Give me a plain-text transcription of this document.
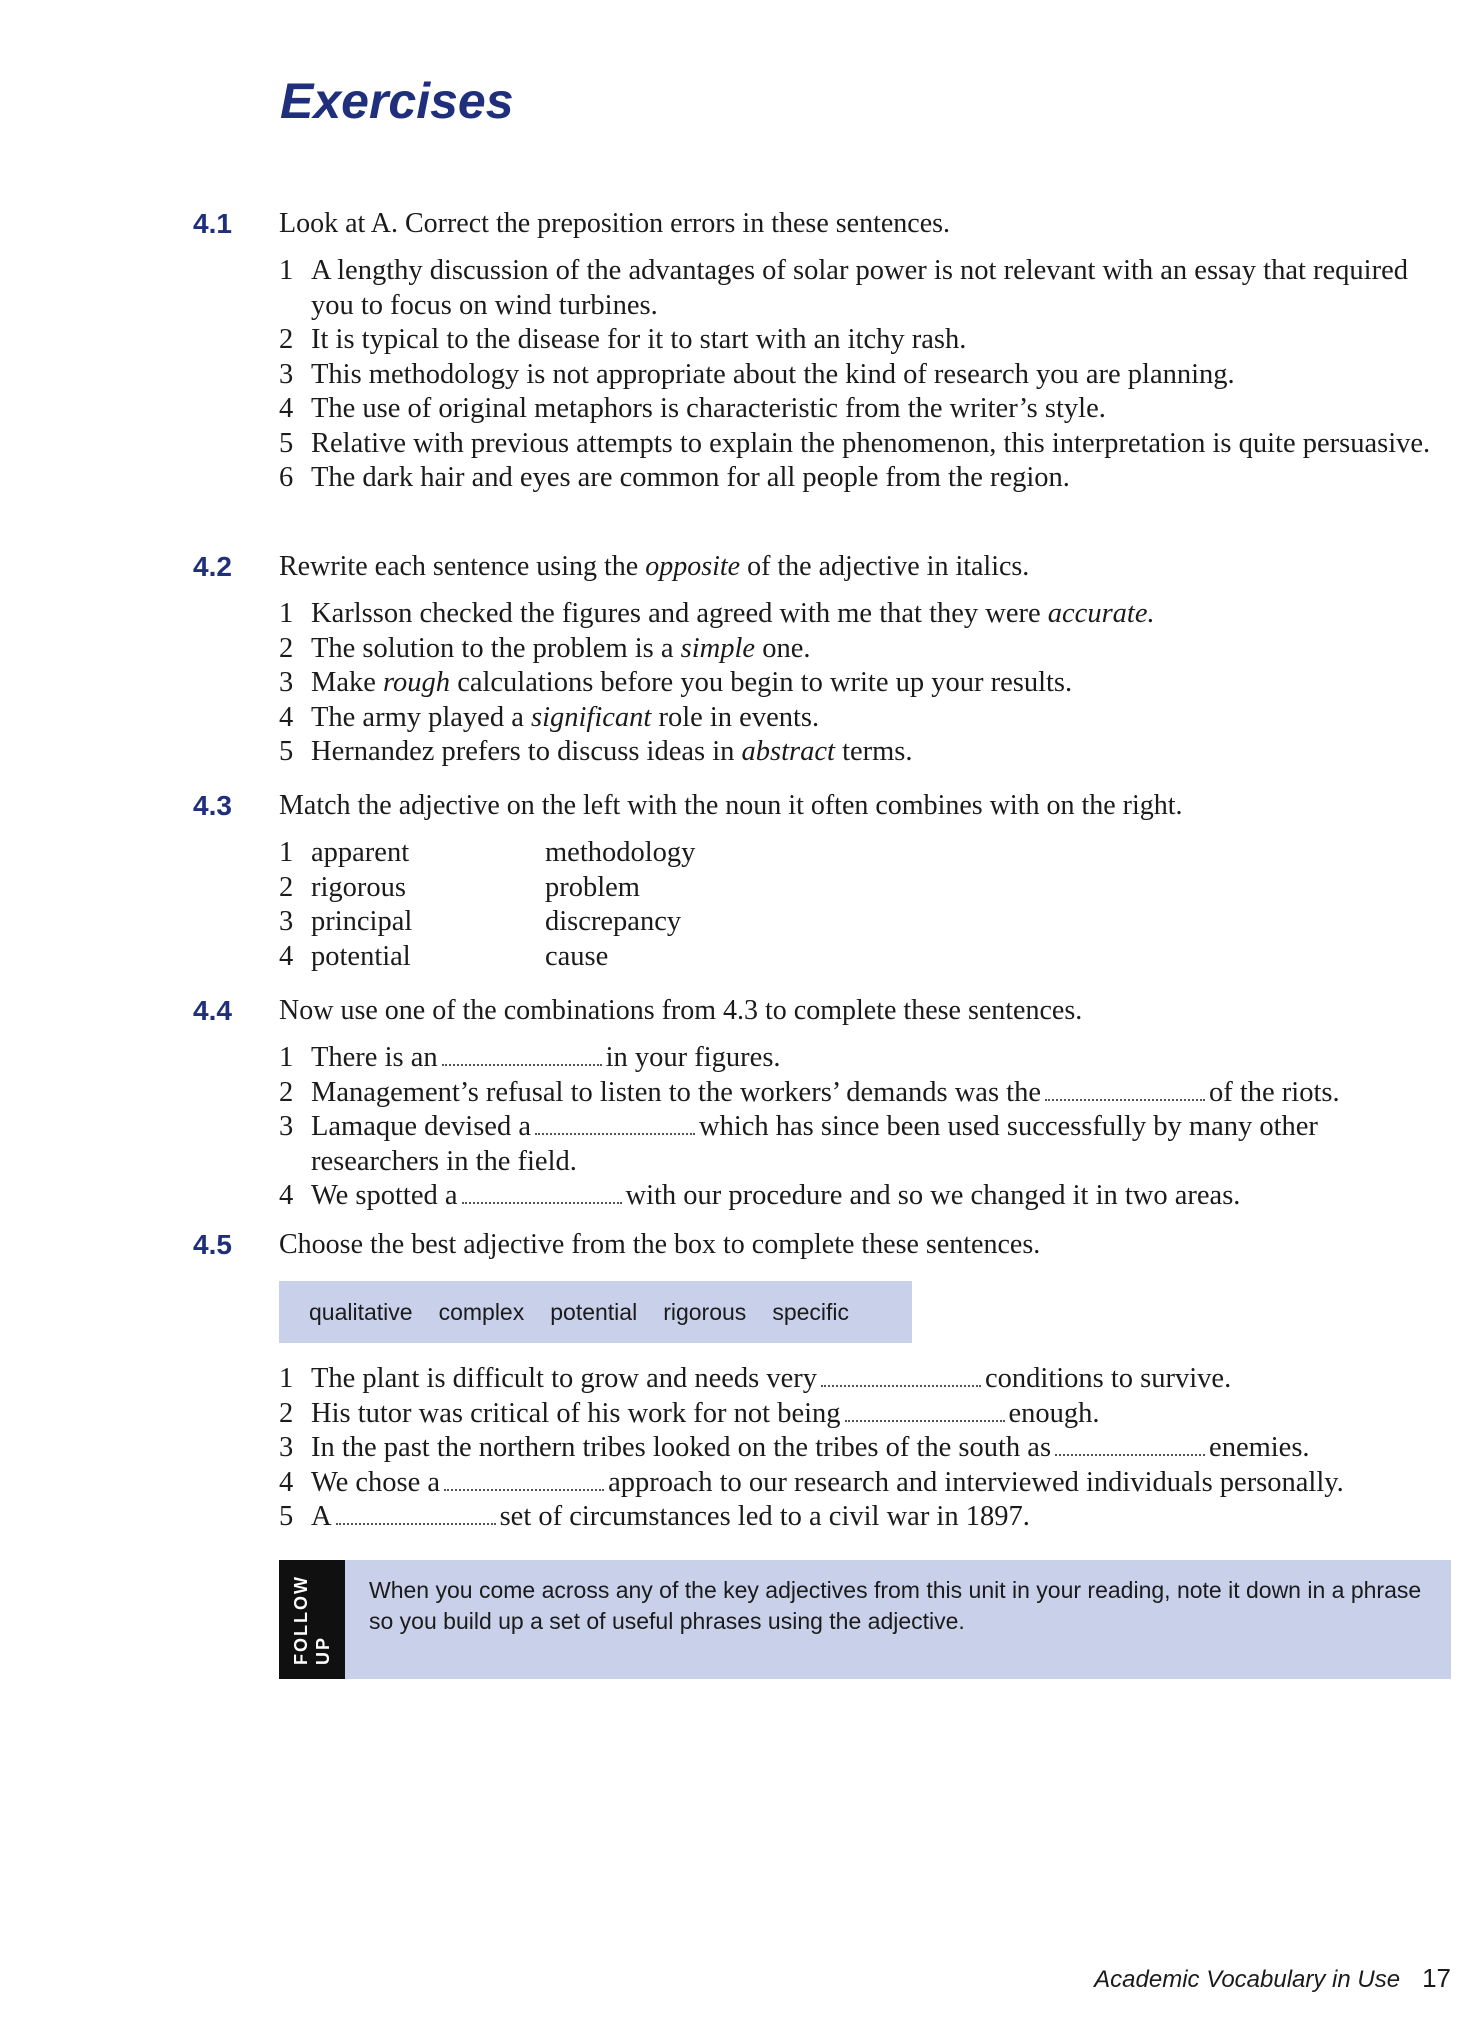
Exercises
4.1 Look at A. Correct the preposition errors in these sentences.
1 A lengthy discussion of the advantages of solar power is not relevant with an essay that required you to focus on wind turbines.
2 It is typical to the disease for it to start with an itchy rash.
3 This methodology is not appropriate about the kind of research you are planning.
4 The use of original metaphors is characteristic from the writer’s style.
5 Relative with previous attempts to explain the phenomenon, this interpretation is quite persuasive.
6 The dark hair and eyes are common for all people from the region.
4.2 Rewrite each sentence using the opposite of the adjective in italics.
1 Karlsson checked the figures and agreed with me that they were accurate.
2 The solution to the problem is a simple one.
3 Make rough calculations before you begin to write up your results.
4 The army played a significant role in events.
5 Hernandez prefers to discuss ideas in abstract terms.
4.3 Match the adjective on the left with the noun it often combines with on the right.
1 apparent	methodology
2 rigorous	problem
3 principal	discrepancy
4 potential	cause
4.4 Now use one of the combinations from 4.3 to complete these sentences.
1 There is an	in your figures.
2 Management’s refusal to listen to the workers’ demands was the	of the riots.
3 Lamaque devised a	which has since been used successfully by many other researchers in the field.
4 We spotted a	with our procedure and so we changed it in two areas.
4.5 Choose the best adjective from the box to complete these sentences.
qualitative complex potential rigorous specific
1 The plant is difficult to grow and needs very	conditions to survive.
2 His tutor was critical of his work for not being	enough.
3 In the past the northern tribes looked on the tribes of the south as	enemies.
4 We chose a	approach to our research and interviewed individuals personally.
5 A	set of circumstances led to a civil war in 1897.
FOLLOW UP
When you come across any of the key adjectives from this unit in your reading, note it down in a phrase so you build up a set of useful phrases using the adjective.
Academic Vocabulary in Use 17
